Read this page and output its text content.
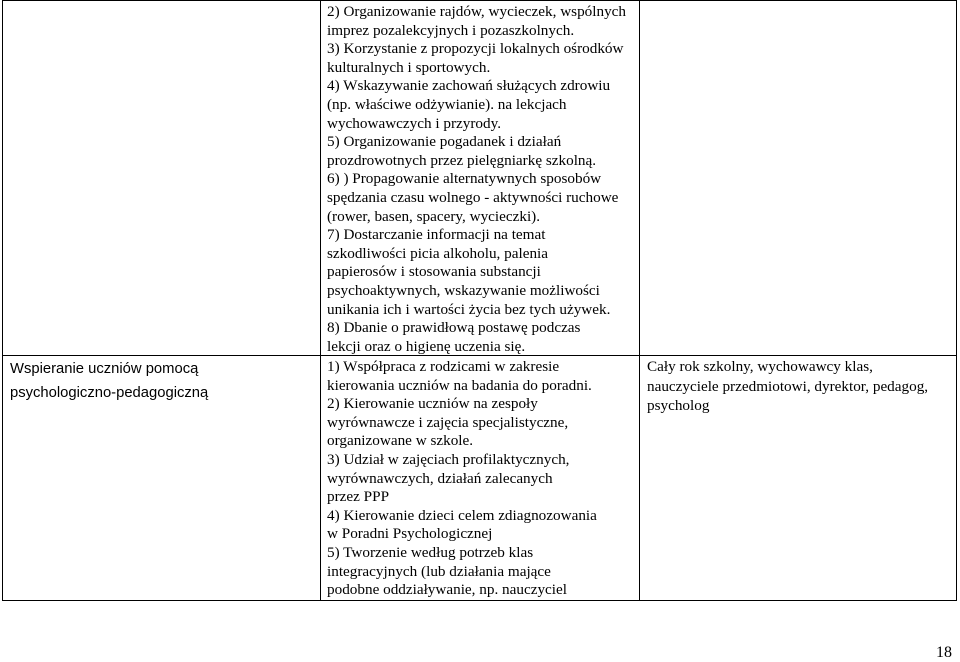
2) Organizowanie rajdów, wycieczek, wspólnych
imprez pozalekcyjnych i pozaszkolnych.
3) Korzystanie z propozycji lokalnych ośrodków
kulturalnych i sportowych.
4) Wskazywanie zachowań służących zdrowiu
(np. właściwe odżywianie). na lekcjach
wychowawczych i przyrody.
5) Organizowanie pogadanek i działań
prozdrowotnych przez pielęgniarkę szkolną.
6) ) Propagowanie alternatywnych sposobów
spędzania czasu wolnego - aktywności ruchowe
(rower, basen, spacery, wycieczki).
7) Dostarczanie informacji na temat
szkodliwości picia alkoholu, palenia
papierosów i stosowania substancji
psychoaktywnych, wskazywanie możliwości
unikania ich i wartości życia bez tych używek.
8) Dbanie o prawidłową postawę podczas
lekcji oraz o higienę uczenia się.
Wspieranie uczniów pomocą
psychologiczno-pedagogiczną
1) Współpraca z rodzicami w zakresie
kierowania uczniów na badania do poradni.
2) Kierowanie uczniów na zespoły
wyrównawcze i zajęcia specjalistyczne,
organizowane w szkole.
3) Udział w zajęciach profilaktycznych,
wyrównawczych, działań zalecanych
przez PPP
4) Kierowanie dzieci celem zdiagnozowania
w Poradni Psychologicznej
5) Tworzenie według potrzeb klas
integracyjnych (lub działania mające
podobne oddziaływanie, np. nauczyciel
Cały rok szkolny, wychowawcy klas,
nauczyciele przedmiotowi, dyrektor, pedagog,
psycholog
18
